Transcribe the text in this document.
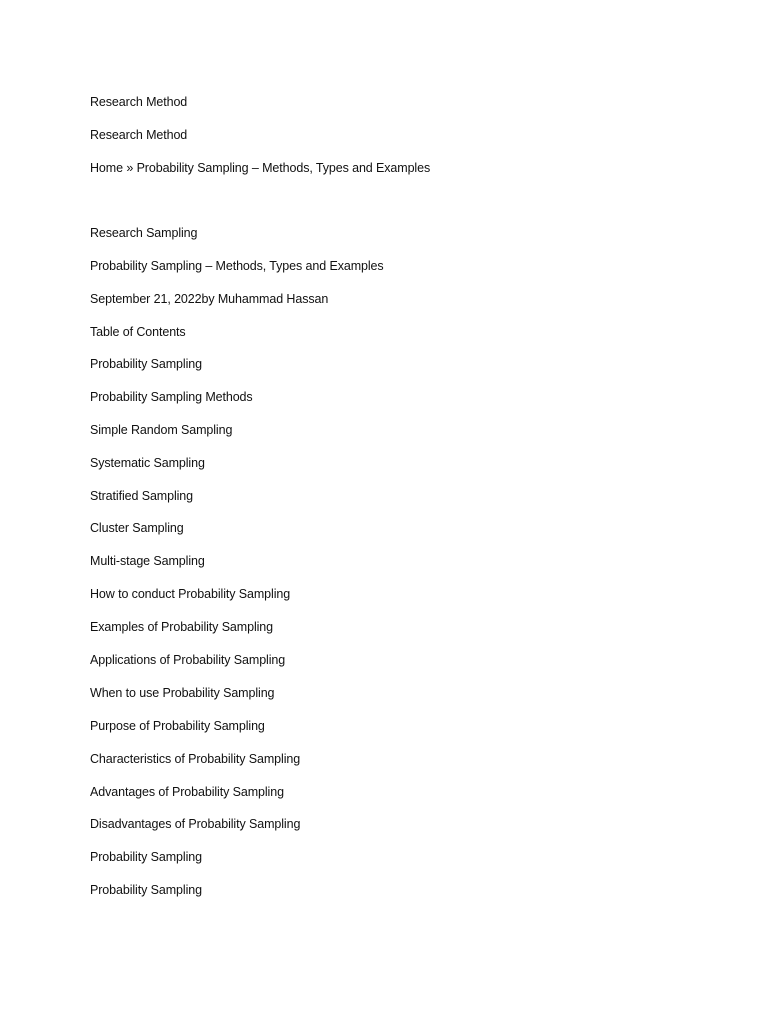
Research Method
Research Method
Home » Probability Sampling – Methods, Types and Examples
Research Sampling
Probability Sampling – Methods, Types and Examples
September 21, 2022by Muhammad Hassan
Table of Contents
Probability Sampling
Probability Sampling Methods
Simple Random Sampling
Systematic Sampling
Stratified Sampling
Cluster Sampling
Multi-stage Sampling
How to conduct Probability Sampling
Examples of Probability Sampling
Applications of Probability Sampling
When to use Probability Sampling
Purpose of Probability Sampling
Characteristics of Probability Sampling
Advantages of Probability Sampling
Disadvantages of Probability Sampling
Probability Sampling
Probability Sampling
